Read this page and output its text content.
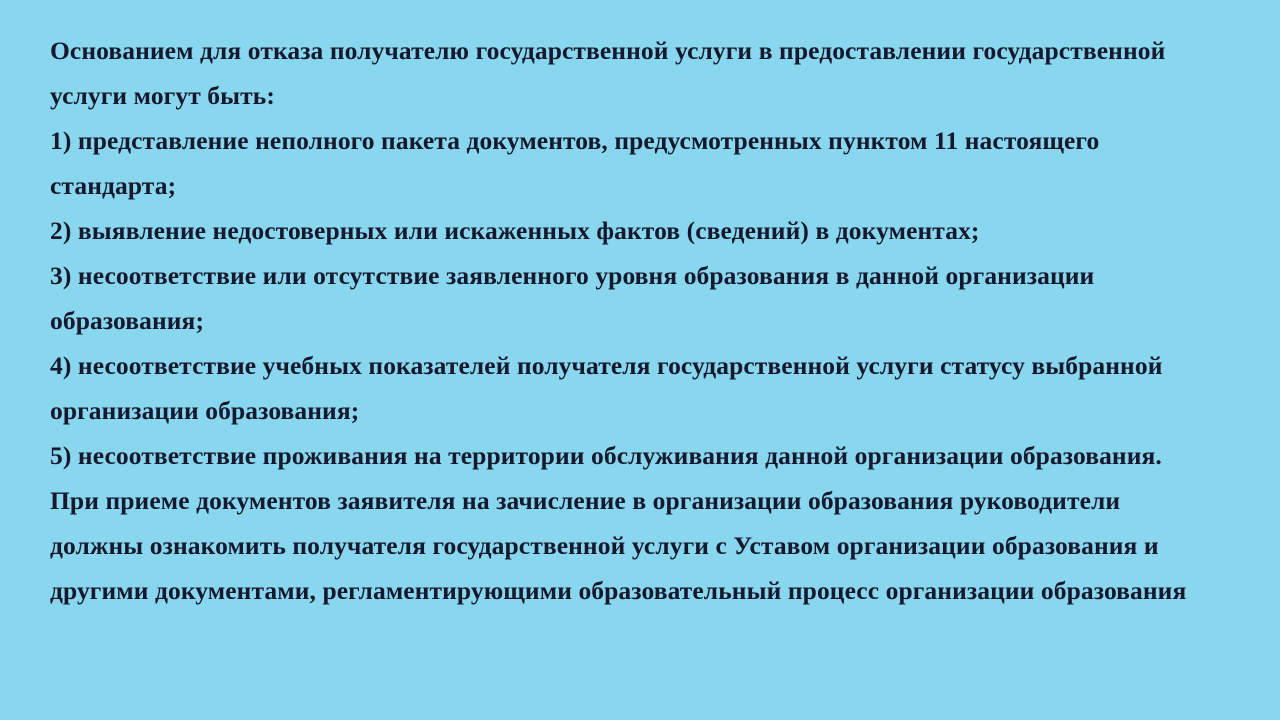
Основанием для отказа получателю государственной услуги в предоставлении государственной услуги могут быть:

1) представление неполного пакета документов, предусмотренных пунктом 11 настоящего стандарта;

2) выявление недостоверных или искаженных фактов (сведений) в документах;

3) несоответствие или отсутствие заявленного уровня образования в данной организации образования;

4) несоответствие учебных показателей получателя государственной услуги статусу выбранной организации образования;

5) несоответствие проживания на территории обслуживания данной организации образования.

При приеме документов заявителя на зачисление в организации образования руководители должны ознакомить получателя государственной услуги с Уставом организации образования и другими документами, регламентирующими образовательный процесс организации образования
